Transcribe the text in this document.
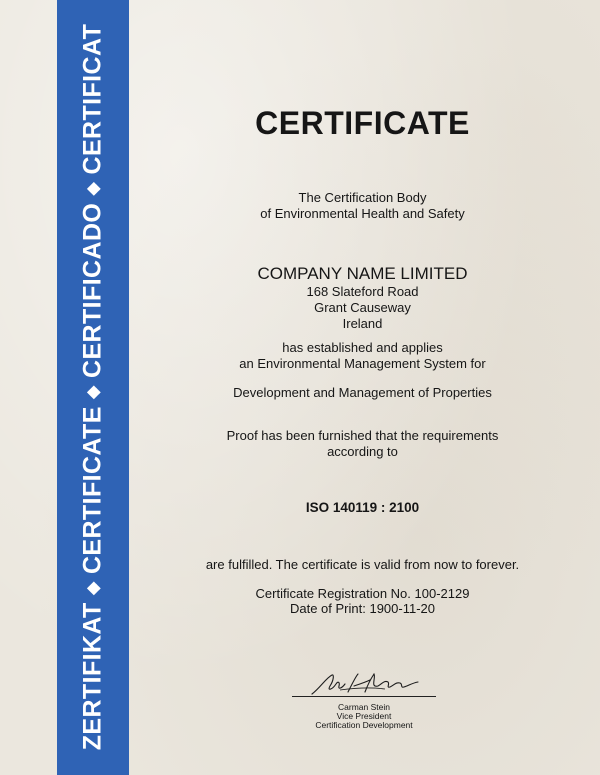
ZERTIFIKAT◆CERTIFICATE◆CERTIFICADO◆CERTIFICAT	CERTIFICATE
The Certification Body
of Environmental Health and Safety
COMPANY NAME LIMITED
168 Slateford Road
Grant Causeway
Ireland
has established and applies
an Environmental Management System for
Development and Management of Properties
Proof has been furnished that the requirements
according to
ISO 140119 : 2100
are fulfilled. The certificate is valid from now to forever.
Certificate Registration No. 100-2129
Date of Print: 1900-11-20
Carman Stein
Vice President
Certification Development
